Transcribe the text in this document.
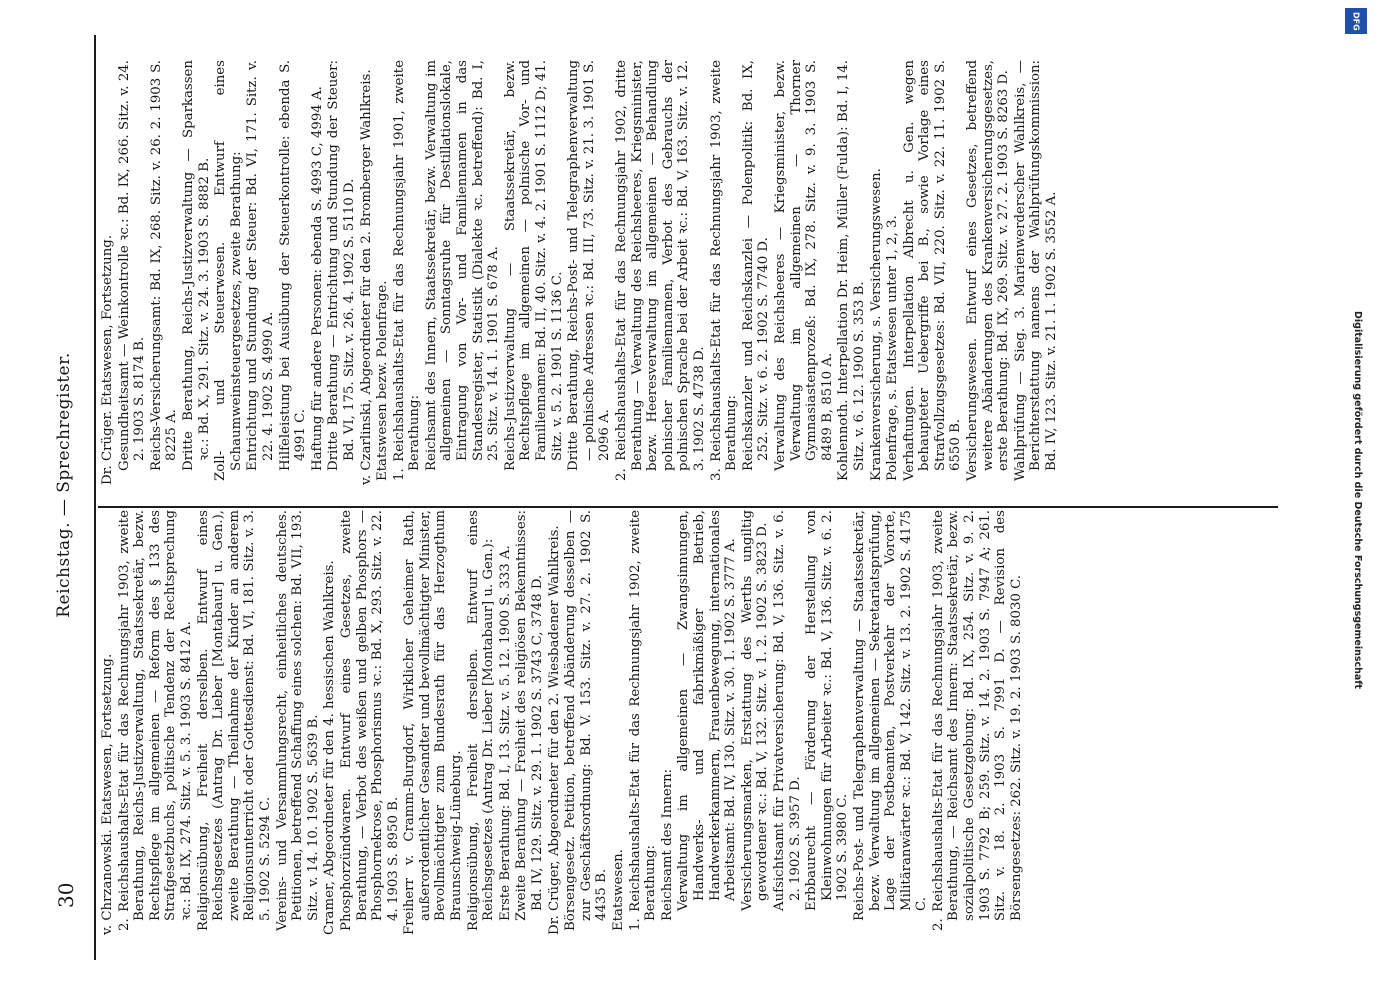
30
Reichstag. — Sprechregister.

v. Chrzanowski. Etatswesen, Fortsetzung. 2. Reichshaushalts-Etat für das Rechnungsjahr 1903, zweite Berathung, Reichs-Justizverwaltung, Staatssekretär, bezw. Rechtspflege im allgemeinen — Reform des § 133 des Strafgesetzbuchs, politische Tendenz der Rechtsprechung ꝛc.: Bd. IX, 274. Sitz. v. 5. 3. 1903 S. 8412 A. Religionsübung, Freiheit derselben. Entwurf eines Reichsgesetzes (Antrag Dr. Lieber [Montabaur] u. Gen.), zweite Berathung — Theilnahme der Kinder an anderem Religionsunterricht oder Gottesdienst: Bd. VI, 181. Sitz. v. 3. 5. 1902 S. 5294 C. Vereins- und Versammlungsrecht, einheitliches deutsches. Petitionen, betreffend Schaffung eines solchen: Bd. VII, 193. Sitz. v. 14. 10. 1902 S. 5639 B. Cramer, Abgeordneter für den 4. hessischen Wahlkreis. Phosphorzündwaren. Entwurf eines Gesetzes, zweite Berathung, — Verbot des weißen und gelben Phosphors — Phosphornekrose, Phosphorismus ꝛc.: Bd. X, 293. Sitz. v. 22. 4. 1903 S. 8950 B. Freiherr v. Cramm-Burgdorf, Wirklicher Geheimer Rath, außerordentlicher Gesandter und bevollmächtigter Minister, Bevollmächtigter zum Bundesrath für das Herzogthum Braunschweig-Lüneburg. Religionsübung, Freiheit derselben. Entwurf eines Reichsgesetzes (Antrag Dr. Lieber [Montabaur] u. Gen.): Erste Berathung: Bd. I, 13. Sitz. v. 5. 12. 1900 S. 333 A. Zweite Berathung — Freiheit des religiösen Bekenntnisses: Bd. IV, 129. Sitz. v. 29. 1. 1902 S. 3743 C, 3748 D. Dr. Crüger, Abgeordneter für den 2. Wiesbadener Wahlkreis. Börsengesetz. Petition, betreffend Abänderung desselben — zur Geschäftsordnung: Bd. V. 153. Sitz. v. 27. 2. 1902 S. 4435 B. Etatswesen. 1. Reichshaushalts-Etat für das Rechnungsjahr 1902, zweite Berathung: Reichsamt des Innern: Verwaltung im allgemeinen — Zwangsinnungen, Handwerks- und fabrikmäßiger Betrieb, Handwerkerkammern, Frauenbewegung, internationales Arbeitsamt: Bd. IV, 130. Sitz. v. 30. 1. 1902 S. 3777 A. Versicherungsmarken, Erstattung des Werths ungiltig gewordener ꝛc.: Bd. V, 132. Sitz. v. 1. 2. 1902 S. 3823 D. Aufsichtsamt für Privatversicherung: Bd. V, 136. Sitz. v. 6. 2. 1902 S. 3957 D. Erbbaurecht — Förderung der Herstellung von Kleinwohnungen für Arbeiter ꝛc.: Bd. V, 136. Sitz. v. 6. 2. 1902 S. 3980 C. Reichs-Post- und Telegraphenverwaltung — Staatssekretär, bezw. Verwaltung im allgemeinen — Sekretariatsprüfung, Lage der Postbeamten, Postverkehr der Vororte, Militäranwärter ꝛc.: Bd. V, 142. Sitz. v. 13. 2. 1902 S. 4175 C. 2. Reichshaushalts-Etat für das Rechnungsjahr 1903, zweite Berathung, — Reichsamt des Innern: Staatssekretär, bezw. sozialpolitische Gesetzgebung: Bd. IX, 254. Sitz. v. 9. 2. 1903 S. 7792 B; 259. Sitz. v. 14. 2. 1903 S. 7947 A; 261. Sitz. v. 18. 2. 1903 S. 7991 D. — Revision des Börsengesetzes: 262. Sitz. v. 19. 2. 1903 S. 8030 C.

Dr. Crüger. Etatswesen, Fortsetzung. Gesundheitsamt — Weinkontrolle ꝛc.: Bd. IX, 266. Sitz. v. 24. 2. 1903 S. 8174 B. Reichs-Versicherungsamt: Bd. IX, 268. Sitz. v. 26. 2. 1903 S. 8225 A. Dritte Berathung, Reichs-Justizverwaltung — Sparkassen ꝛc.: Bd. X, 291. Sitz. v. 24. 3. 1903 S. 8882 B. Zoll- und Steuerwesen. Entwurf eines Schaumweinsteuergesetzes, zweite Berathung: Entrichtung und Stundung der Steuer: Bd. VI, 171. Sitz. v. 22. 4. 1902 S. 4990 A. Hilfeleistung bei Ausübung der Steuerkontrolle: ebenda S. 4991 C. Haftung für andere Personen: ebenda S. 4993 C, 4994 A. Dritte Berathung — Entrichtung und Stundung der Steuer: Bd. VI, 175. Sitz. v. 26. 4. 1902 S. 5110 D. v. Czarlinski, Abgeordneter für den 2. Bromberger Wahlkreis. Etatswesen bezw. Polenfrage. 1. Reichshaushalts-Etat für das Rechnungsjahr 1901, zweite Berathung: Reichsamt des Innern, Staatssekretär, bezw. Verwaltung im allgemeinen — Sonntagsruhe für Destillationslokale, Eintragung von Vor- und Familiennamen in das Standesregister, Statistik (Dialekte ꝛc. betreffend): Bd. I, 25. Sitz. v. 14. 1. 1901 S. 678 A. Reichs-Justizverwaltung — Staatssekretär, bezw. Rechtspflege im allgemeinen — polnische Vor- und Familiennamen: Bd. II, 40. Sitz. v. 4. 2. 1901 S. 1112 D; 41. Sitz. v. 5. 2. 1901 S. 1136 C. Dritte Berathung, Reichs-Post- und Telegraphenverwaltung — polnische Adressen ꝛc.: Bd. III, 73. Sitz. v. 21. 3. 1901 S. 2096 A. 2. Reichshaushalts-Etat für das Rechnungsjahr 1902, dritte Berathung — Verwaltung des Reichsheeres, Kriegsminister, bezw. Heeresverwaltung im allgemeinen — Behandlung polnischer Familiennamen, Verbot des Gebrauchs der polnischen Sprache bei der Arbeit ꝛc.: Bd. V, 163. Sitz. v. 12. 3. 1902 S. 4738 D. 3. Reichshaushalts-Etat für das Rechnungsjahr 1903, zweite Berathung: Reichskanzler und Reichskanzlei — Polenpolitik: Bd. IX, 252. Sitz. v. 6. 2. 1902 S. 7740 D. Verwaltung des Reichsheeres — Kriegsminister, bezw. Verwaltung im allgemeinen — Thorner Gymnasiastenprozeß: Bd. IX, 278. Sitz. v. 9. 3. 1903 S. 8489 B, 8510 A. Kohlennoth. Interpellation Dr. Heim, Müller (Fulda): Bd. I, 14. Sitz. v. 6. 12. 1900 S. 353 B. Krankenversicherung, s. Versicherungswesen. Polenfrage, s. Etatswesen unter 1, 2, 3. Verhaftungen. Interpellation Albrecht u. Gen. wegen behaupteter Uebergriffe bei B., sowie Vorlage eines Strafvollzugsgesetzes: Bd. VII, 220. Sitz. v. 22. 11. 1902 S. 6550 B. Versicherungswesen. Entwurf eines Gesetzes, betreffend weitere Abänderungen des Krankenversicherungsgesetzes, erste Berathung: Bd. IX, 269. Sitz. v. 27. 2. 1903 S. 8263 D. Wahlprüfung — Sieg. 3. Marienwerderscher Wahlkreis, — Berichterstattung namens der Wahlprüfungskommission: Bd. IV, 123. Sitz. v. 21. 1. 1902 S. 3552 A.	Digitalisierung gefördert durch die Deutsche Forschungsgemeinschaft
DFG
